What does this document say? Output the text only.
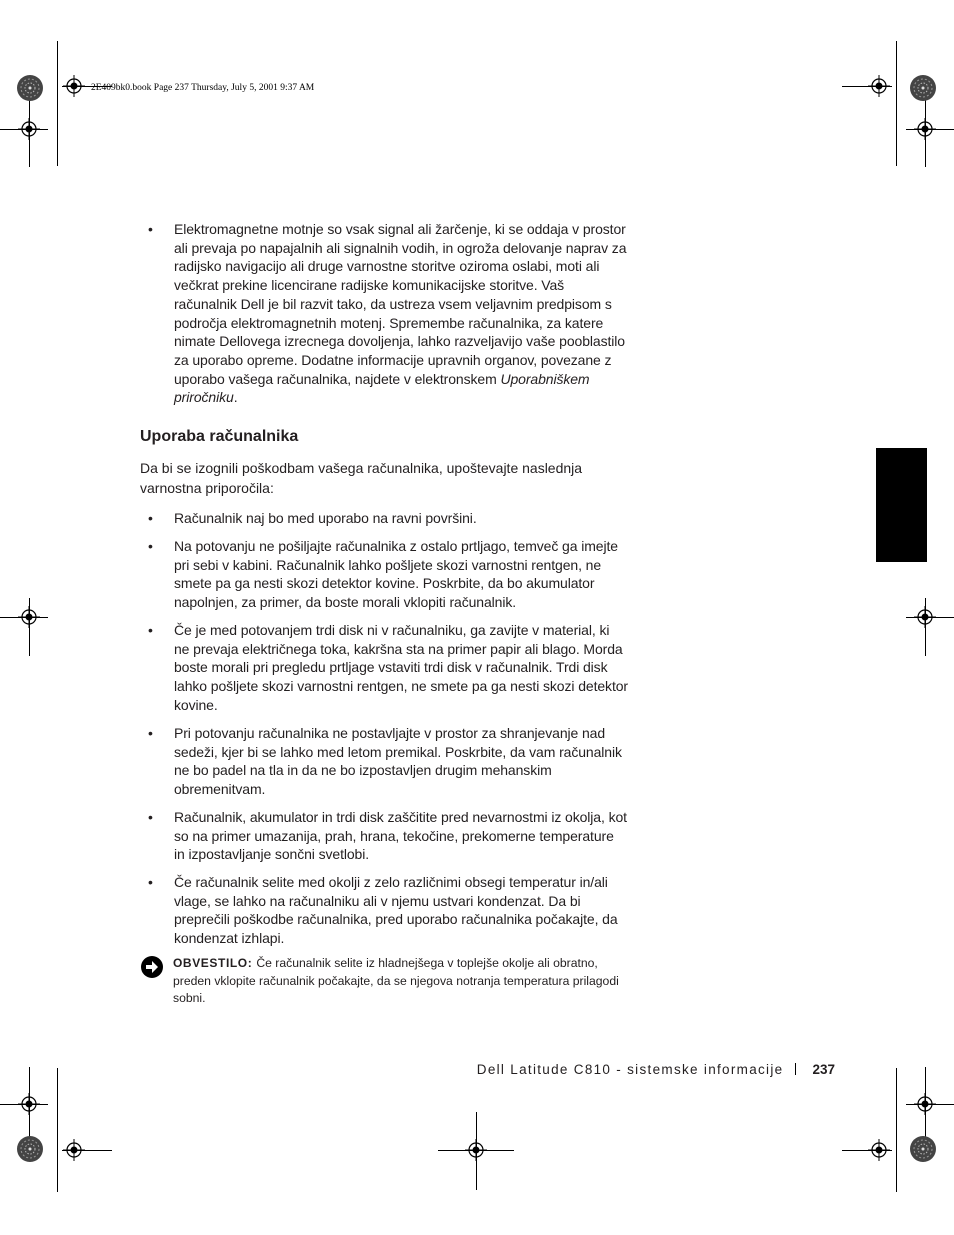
2E409bk0.book Page 237 Thursday, July 5, 2001 9:37 AM
• Elektromagnetne motnje so vsak signal ali žarčenje, ki se oddaja v prostor ali prevaja po napajalnih ali signalnih vodih, in ogroža delovanje naprav za radijsko navigacijo ali druge varnostne storitve oziroma oslabi, moti ali večkrat prekine licencirane radijske komunikacijske storitve. Vaš računalnik Dell je bil razvit tako, da ustreza vsem veljavnim predpisom s področja elektromagnetnih motenj. Spremembe računalnika, za katere nimate Dellovega izrecnega dovoljenja, lahko razveljavijo vaše pooblastilo za uporabo opreme. Dodatne informacije upravnih organov, povezane z uporabo vašega računalnika, najdete v elektronskem Uporabniškem priročniku.
Uporaba računalnika
Da bi se izognili poškodbam vašega računalnika, upoštevajte naslednja varnostna priporočila:
• Računalnik naj bo med uporabo na ravni površini.
• Na potovanju ne pošiljajte računalnika z ostalo prtljago, temveč ga imejte pri sebi v kabini. Računalnik lahko pošljete skozi varnostni rentgen, ne smete pa ga nesti skozi detektor kovine. Poskrbite, da bo akumulator napolnjen, za primer, da boste morali vklopiti računalnik.
• Če je med potovanjem trdi disk ni v računalniku, ga zavijte v material, ki ne prevaja električnega toka, kakršna sta na primer papir ali blago. Morda boste morali pri pregledu prtljage vstaviti trdi disk v računalnik. Trdi disk lahko pošljete skozi varnostni rentgen, ne smete pa ga nesti skozi detektor kovine.
• Pri potovanju računalnika ne postavljajte v prostor za shranjevanje nad sedeži, kjer bi se lahko med letom premikal. Poskrbite, da vam računalnik ne bo padel na tla in da ne bo izpostavljen drugim mehanskim obremenitvam.
• Računalnik, akumulator in trdi disk zaščitite pred nevarnostmi iz okolja, kot so na primer umazanija, prah, hrana, tekočine, prekomerne temperature in izpostavljanje sončni svetlobi.
• Če računalnik selite med okolji z zelo različnimi obsegi temperatur in/ali vlage, se lahko na računalniku ali v njemu ustvari kondenzat. Da bi preprečili poškodbe računalnika, pred uporabo računalnika počakajte, da kondenzat izhlapi.
OBVESTILO: Če računalnik selite iz hladnejšega v toplejše okolje ali obratno, preden vklopite računalnik počakajte, da se njegova notranja temperatura prilagodi sobni.
Dell Latitude C810 - sistemske informacije 237
